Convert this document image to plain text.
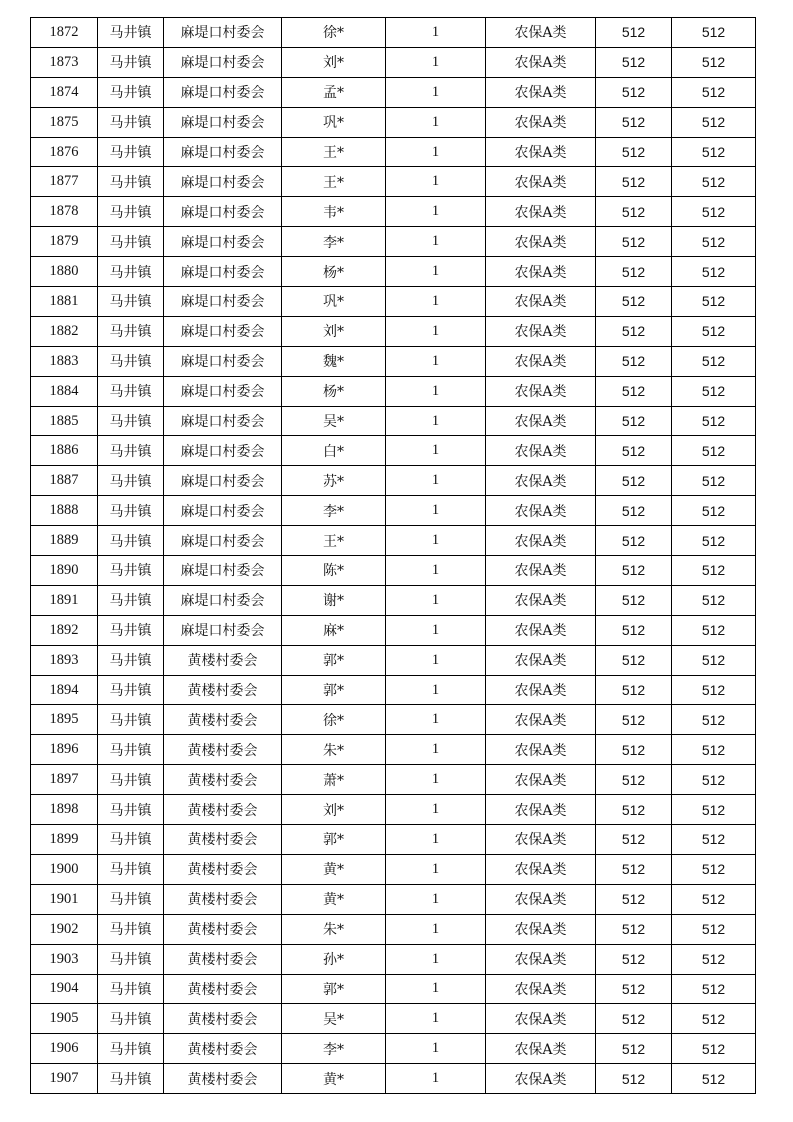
1872	马井镇	麻堤口村委会	徐*	1	农保A类	512	512
1873	马井镇	麻堤口村委会	刘*	1	农保A类	512	512
1874	马井镇	麻堤口村委会	孟*	1	农保A类	512	512
1875	马井镇	麻堤口村委会	巩*	1	农保A类	512	512
1876	马井镇	麻堤口村委会	王*	1	农保A类	512	512
1877	马井镇	麻堤口村委会	王*	1	农保A类	512	512
1878	马井镇	麻堤口村委会	韦*	1	农保A类	512	512
1879	马井镇	麻堤口村委会	李*	1	农保A类	512	512
1880	马井镇	麻堤口村委会	杨*	1	农保A类	512	512
1881	马井镇	麻堤口村委会	巩*	1	农保A类	512	512
1882	马井镇	麻堤口村委会	刘*	1	农保A类	512	512
1883	马井镇	麻堤口村委会	魏*	1	农保A类	512	512
1884	马井镇	麻堤口村委会	杨*	1	农保A类	512	512
1885	马井镇	麻堤口村委会	吴*	1	农保A类	512	512
1886	马井镇	麻堤口村委会	白*	1	农保A类	512	512
1887	马井镇	麻堤口村委会	苏*	1	农保A类	512	512
1888	马井镇	麻堤口村委会	李*	1	农保A类	512	512
1889	马井镇	麻堤口村委会	王*	1	农保A类	512	512
1890	马井镇	麻堤口村委会	陈*	1	农保A类	512	512
1891	马井镇	麻堤口村委会	谢*	1	农保A类	512	512
1892	马井镇	麻堤口村委会	麻*	1	农保A类	512	512
1893	马井镇	黄楼村委会	郭*	1	农保A类	512	512
1894	马井镇	黄楼村委会	郭*	1	农保A类	512	512
1895	马井镇	黄楼村委会	徐*	1	农保A类	512	512
1896	马井镇	黄楼村委会	朱*	1	农保A类	512	512
1897	马井镇	黄楼村委会	萧*	1	农保A类	512	512
1898	马井镇	黄楼村委会	刘*	1	农保A类	512	512
1899	马井镇	黄楼村委会	郭*	1	农保A类	512	512
1900	马井镇	黄楼村委会	黄*	1	农保A类	512	512
1901	马井镇	黄楼村委会	黄*	1	农保A类	512	512
1902	马井镇	黄楼村委会	朱*	1	农保A类	512	512
1903	马井镇	黄楼村委会	孙*	1	农保A类	512	512
1904	马井镇	黄楼村委会	郭*	1	农保A类	512	512
1905	马井镇	黄楼村委会	吴*	1	农保A类	512	512
1906	马井镇	黄楼村委会	李*	1	农保A类	512	512
1907	马井镇	黄楼村委会	黄*	1	农保A类	512	512
